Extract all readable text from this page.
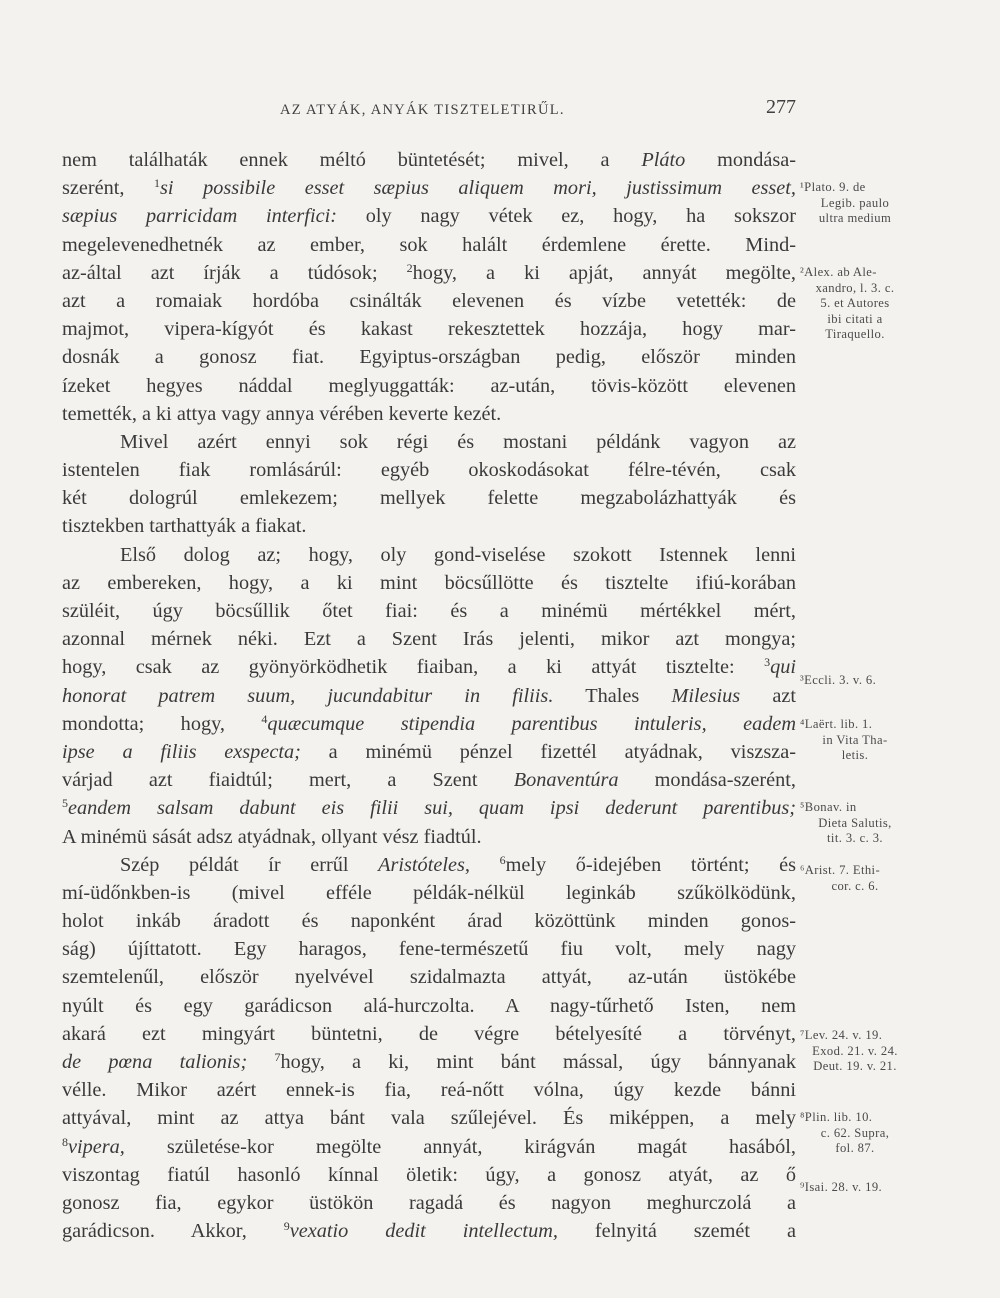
AZ ATYÁK, ANYÁK TISZTELETIRŰL.	277
nem találhaták ennek méltó büntetését; mivel, a Pláto mondása-
szerént, $^1$si possibile esset sæpius aliquem mori, justissimum esset,
sæpius parricidam interfici: oly nagy vétek ez, hogy, ha sokszor
megelevenedhetnék az ember, sok halált érdemlene érette. Mind-
az-által azt írják a túdósok; $^2$hogy, a ki apját, annyát megölte,
azt a romaiak hordóba csinálták elevenen és vízbe vetették: de
majmot, vipera-kígyót és kakast rekesztettek hozzája, hogy mar-
dosnák a gonosz fiat. Egyiptus-országban pedig, először minden
ízeket hegyes náddal meglyuggatták: az-után, tövis-között elevenen
temették, a ki attya vagy annya vérében keverte kezét.
Mivel azért ennyi sok régi és mostani példánk vagyon az
istentelen fiak romlásárúl: egyéb okoskodásokat félre-tévén, csak
két dologrúl emlekezem; mellyek felette megzabolázhattyák és
tisztekben tarthattyák a fiakat.
Első dolog az; hogy, oly gond-viselése szokott Istennek lenni
az embereken, hogy, a ki mint böcsűllötte és tisztelte ifiú-korában
szüléit, úgy böcsűllik őtet fiai: és a minémü mértékkel mért,
azonnal mérnek néki. Ezt a Szent Irás jelenti, mikor azt mongya;
hogy, csak az gyönyörködhetik fiaiban, a ki attyát tisztelte: $^3$qui
honorat patrem suum, jucundabitur in filiis. Thales Milesius azt
mondotta; hogy, $^4$quæcumque stipendia parentibus intuleris, eadem
ipse a filiis exspecta; a minémü pénzel fizettél atyádnak, viszsza-
várjad azt fiaidtúl; mert, a Szent Bonaventúra mondása-szerént,
$^5$eandem salsam dabunt eis filii sui, quam ipsi dederunt parentibus;
A minémü sását adsz atyádnak, ollyant vész fiadtúl.
Szép példát ír errűl Aristóteles, $^6$mely ő-idejében történt; és
mí-üdőnkben-is (mivel efféle példák-nélkül leginkáb szűkölködünk,
holot inkáb áradott és naponként árad közöttünk minden gonos-
ság) újíttatott. Egy haragos, fene-természetű fiu volt, mely nagy
szemtelenűl, először nyelvével szidalmazta attyát, az-után üstökébe
nyúlt és egy garádicson alá-hurczolta. A nagy-tűrhető Isten, nem
akará ezt mingyárt büntetni, de végre bételyesíté a törvényt,
de pœna talionis; $^7$hogy, a ki, mint bánt mással, úgy bánnyanak
vélle. Mikor azért ennek-is fia, reá-nőtt vólna, úgy kezde bánni
attyával, mint az attya bánt vala szűlejével. És miképpen, a mely
$^8$vipera, születése-kor megölte annyát, kirágván magát hasából,
viszontag fiatúl hasonló kínnal öletik: úgy, a gonosz atyát, az ő
gonosz fia, egykor üstökön ragadá és nagyon meghurczolá a
garádicson. Akkor, $^9$vexatio dedit intellectum, felnyitá szemét a
¹Plato. 9. de
Legib. paulo
ultra medium
²Alex. ab Ale-
xandro, l. 3. c.
5. et Autores
ibi citati a
Tiraquello.
³Eccli. 3. v. 6.
⁴Laërt. lib. 1.
in Vita Tha-
letis.
⁵Bonav. in
Dieta Salutis,
tit. 3. c. 3.
⁶Arist. 7. Ethi-
cor. c. 6.
⁷Lev. 24. v. 19.
Exod. 21. v. 24.
Deut. 19. v. 21.
⁸Plin. lib. 10.
c. 62. Supra,
fol. 87.
⁹Isai. 28. v. 19.
